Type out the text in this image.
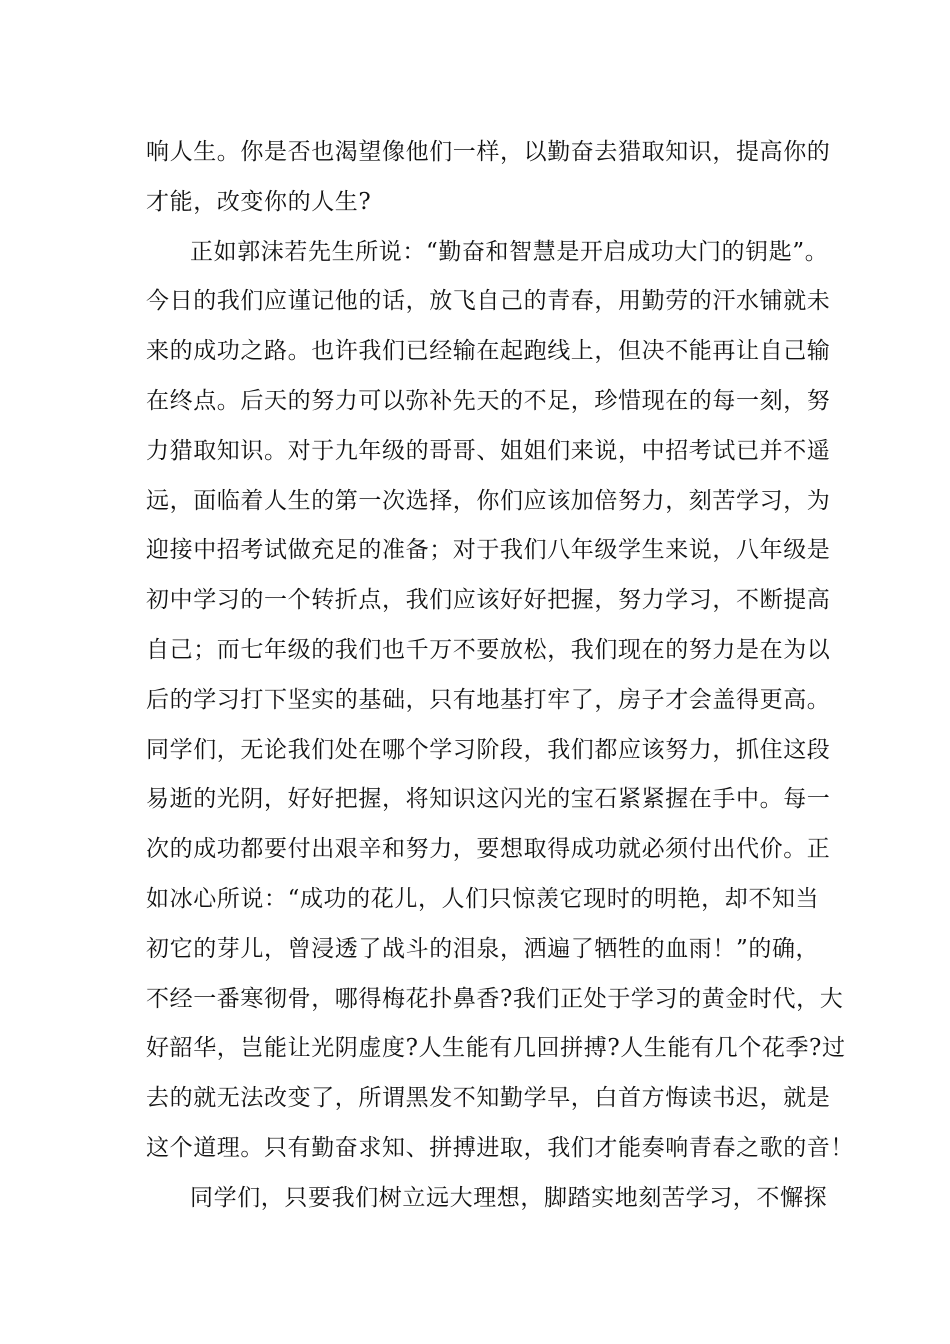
响人生。你是否也渴望像他们一样，以勤奋去猎取知识，提高你的
才能，改变你的人生?
正如郭沫若先生所说：“勤奋和智慧是开启成功大门的钥匙”。
今日的我们应谨记他的话，放飞自己的青春，用勤劳的汗水铺就未
来的成功之路。也许我们已经输在起跑线上，但决不能再让自己输
在终点。后天的努力可以弥补先天的不足，珍惜现在的每一刻，努
力猎取知识。对于九年级的哥哥、姐姐们来说，中招考试已并不遥
远，面临着人生的第一次选择，你们应该加倍努力，刻苦学习，为
迎接中招考试做充足的准备；对于我们八年级学生来说，八年级是
初中学习的一个转折点，我们应该好好把握，努力学习，不断提高
自己；而七年级的我们也千万不要放松，我们现在的努力是在为以
后的学习打下坚实的基础，只有地基打牢了，房子才会盖得更高。
同学们，无论我们处在哪个学习阶段，我们都应该努力，抓住这段
易逝的光阴，好好把握，将知识这闪光的宝石紧紧握在手中。每一
次的成功都要付出艰辛和努力，要想取得成功就必须付出代价。正
如冰心所说：“成功的花儿，人们只惊羡它现时的明艳，却不知当
初它的芽儿，曾浸透了战斗的泪泉，洒遍了牺牲的血雨！”的确，
不经一番寒彻骨，哪得梅花扑鼻香?我们正处于学习的黄金时代，大
好韶华，岂能让光阴虚度?人生能有几回拼搏?人生能有几个花季?过
去的就无法改变了，所谓黑发不知勤学早，白首方悔读书迟，就是
这个道理。只有勤奋求知、拼搏进取，我们才能奏响青春之歌的音！
同学们，只要我们树立远大理想，脚踏实地刻苦学习，不懈探
